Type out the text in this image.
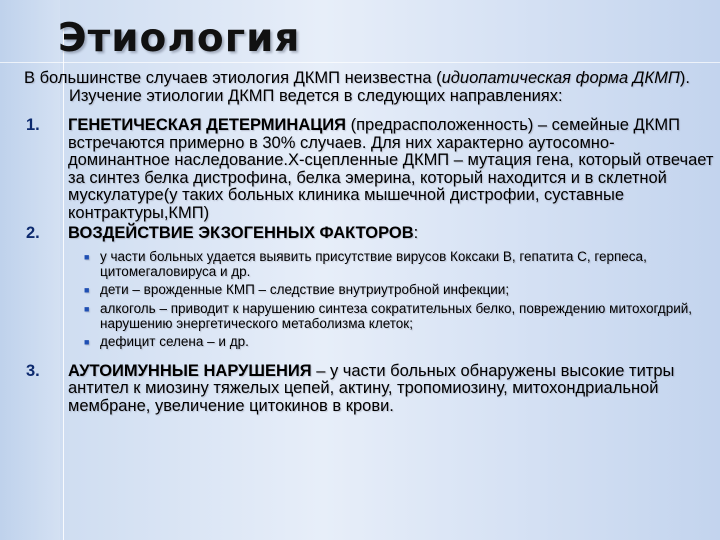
Этиология

В большинстве случаев этиология ДКМП неизвестна (идиопатическая форма ДКМП). Изучение этиологии ДКМП ведется в следующих направлениях:

1.	ГЕНЕТИЧЕСКАЯ ДЕТЕРМИНАЦИЯ (предрасположенность) – семейные ДКМП встречаются примерно в 30% случаев. Для них характерно аутосомно-доминантное наследование.Х-сцепленные ДКМП – мутация гена, который отвечает за синтез белка дистрофина, белка эмерина, который находится и в склетной мускулатуре(у таких больных клиника мышечной дистрофии, суставные контрактуры,КМП)
2.	ВОЗДЕЙСТВИЕ ЭКЗОГЕННЫХ ФАКТОРОВ:
■ у части больных удается выявить присутствие вирусов Коксаки В, гепатита С, герпеса, цитомегаловируса и др.
■ дети – врожденные КМП – следствие внутриутробной инфекции;
■ алкоголь – приводит к нарушению синтеза сократительных белко, повреждению митохогдрий, нарушению энергетического метаболизма клеток;
■ дефицит селена – и др.
3.	АУТОИМУННЫЕ НАРУШЕНИЯ – у части больных обнаружены высокие титры антител к миозину тяжелых цепей, актину, тропомиозину, митохондриальной мембране, увеличение цитокинов в крови.
